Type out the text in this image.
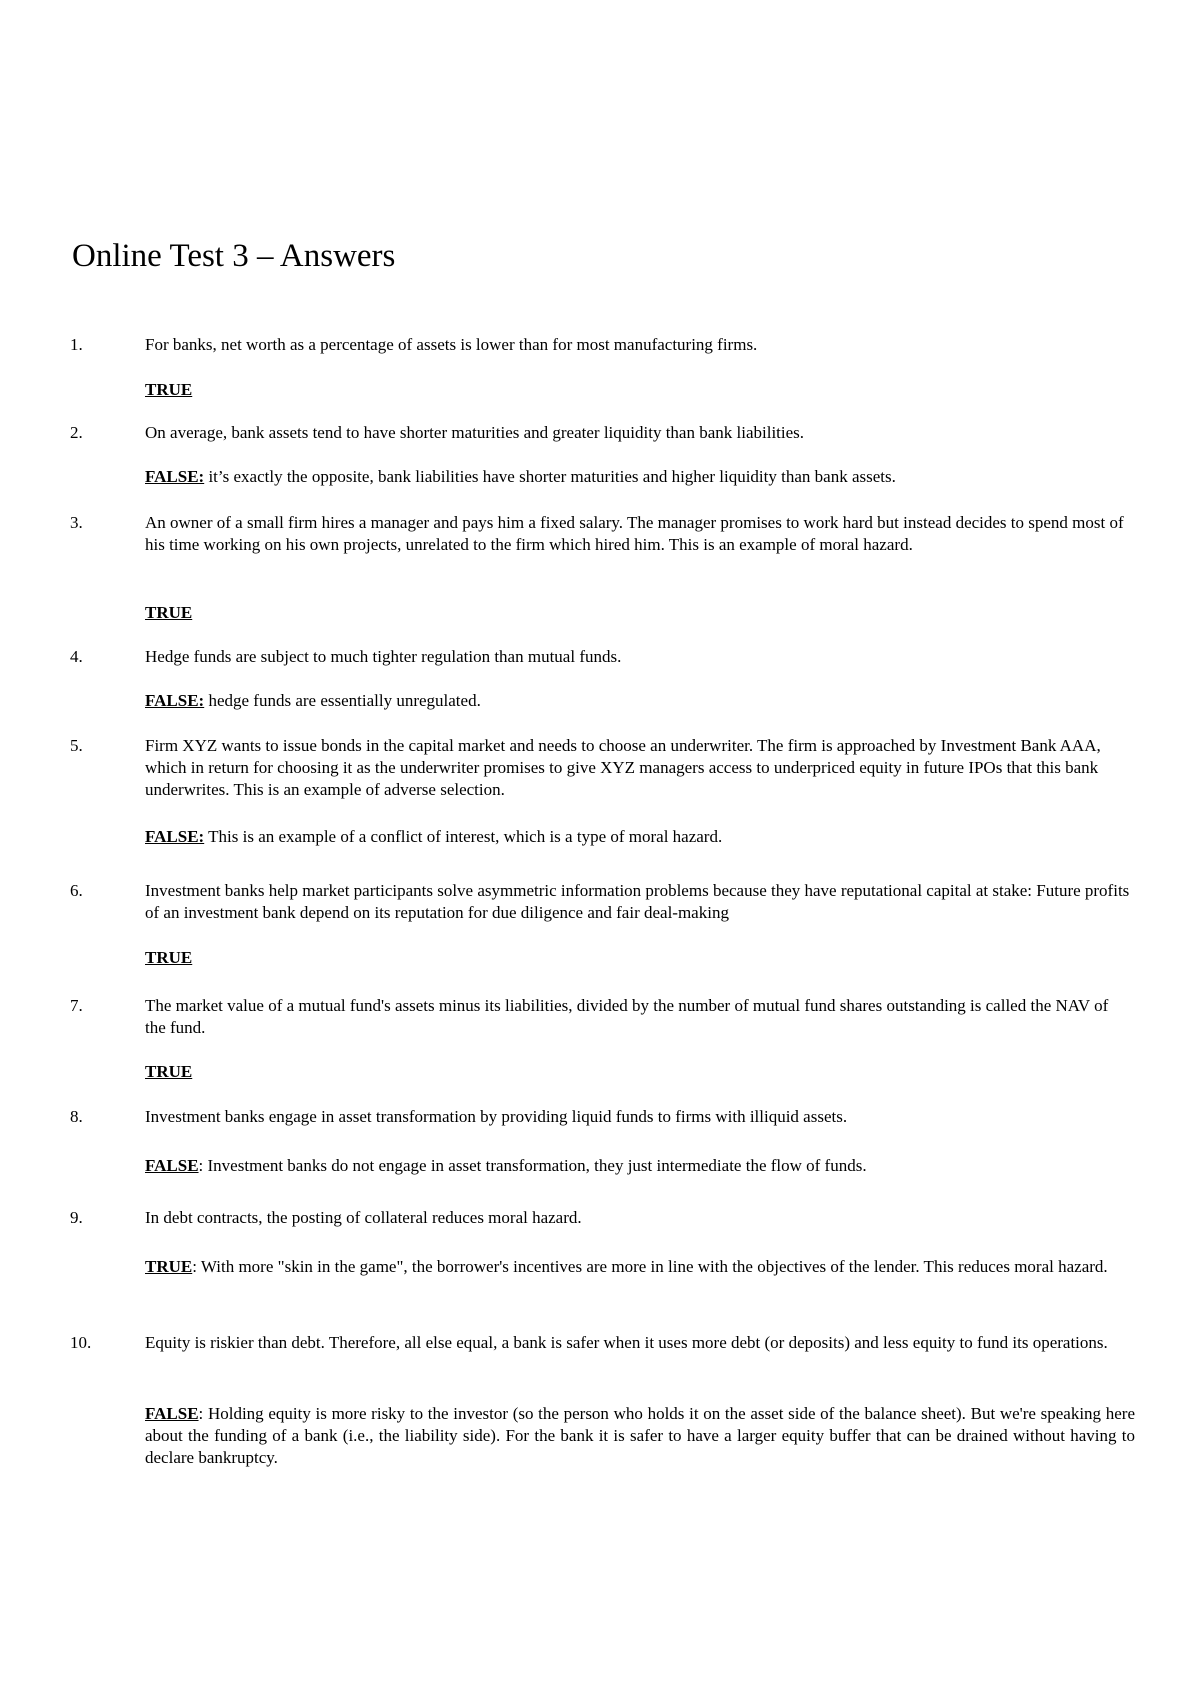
Online Test 3 – Answers
1.	For banks, net worth as a percentage of assets is lower than for most manufacturing firms.
TRUE
2.	On average, bank assets tend to have shorter maturities and greater liquidity than bank liabilities.
FALSE: it’s exactly the opposite, bank liabilities have shorter maturities and higher liquidity than bank assets.
3.	An owner of a small firm hires a manager and pays him a fixed salary. The manager promises to work hard but instead decides to spend most of his time working on his own projects, unrelated to the firm which hired him. This is an example of moral hazard.
TRUE
4.	Hedge funds are subject to much tighter regulation than mutual funds.
FALSE: hedge funds are essentially unregulated.
5.	Firm XYZ wants to issue bonds in the capital market and needs to choose an underwriter. The firm is approached by Investment Bank AAA, which in return for choosing it as the underwriter promises to give XYZ managers access to underpriced equity in future IPOs that this bank underwrites. This is an example of adverse selection.
FALSE: This is an example of a conflict of interest, which is a type of moral hazard.
6.	Investment banks help market participants solve asymmetric information problems because they have reputational capital at stake: Future profits of an investment bank depend on its reputation for due diligence and fair deal-making
TRUE
7.	The market value of a mutual fund's assets minus its liabilities, divided by the number of mutual fund shares outstanding is called the NAV of the fund.
TRUE
8.	Investment banks engage in asset transformation by providing liquid funds to firms with illiquid assets.
FALSE: Investment banks do not engage in asset transformation, they just intermediate the flow of funds.
9.	In debt contracts, the posting of collateral reduces moral hazard.
TRUE: With more "skin in the game", the borrower's incentives are more in line with the objectives of the lender. This reduces moral hazard.
10.	Equity is riskier than debt. Therefore, all else equal, a bank is safer when it uses more debt (or deposits) and less equity to fund its operations.
FALSE: Holding equity is more risky to the investor (so the person who holds it on the asset side of the balance sheet). But we're speaking here about the funding of a bank (i.e., the liability side). For the bank it is safer to have a larger equity buffer that can be drained without having to declare bankruptcy.
